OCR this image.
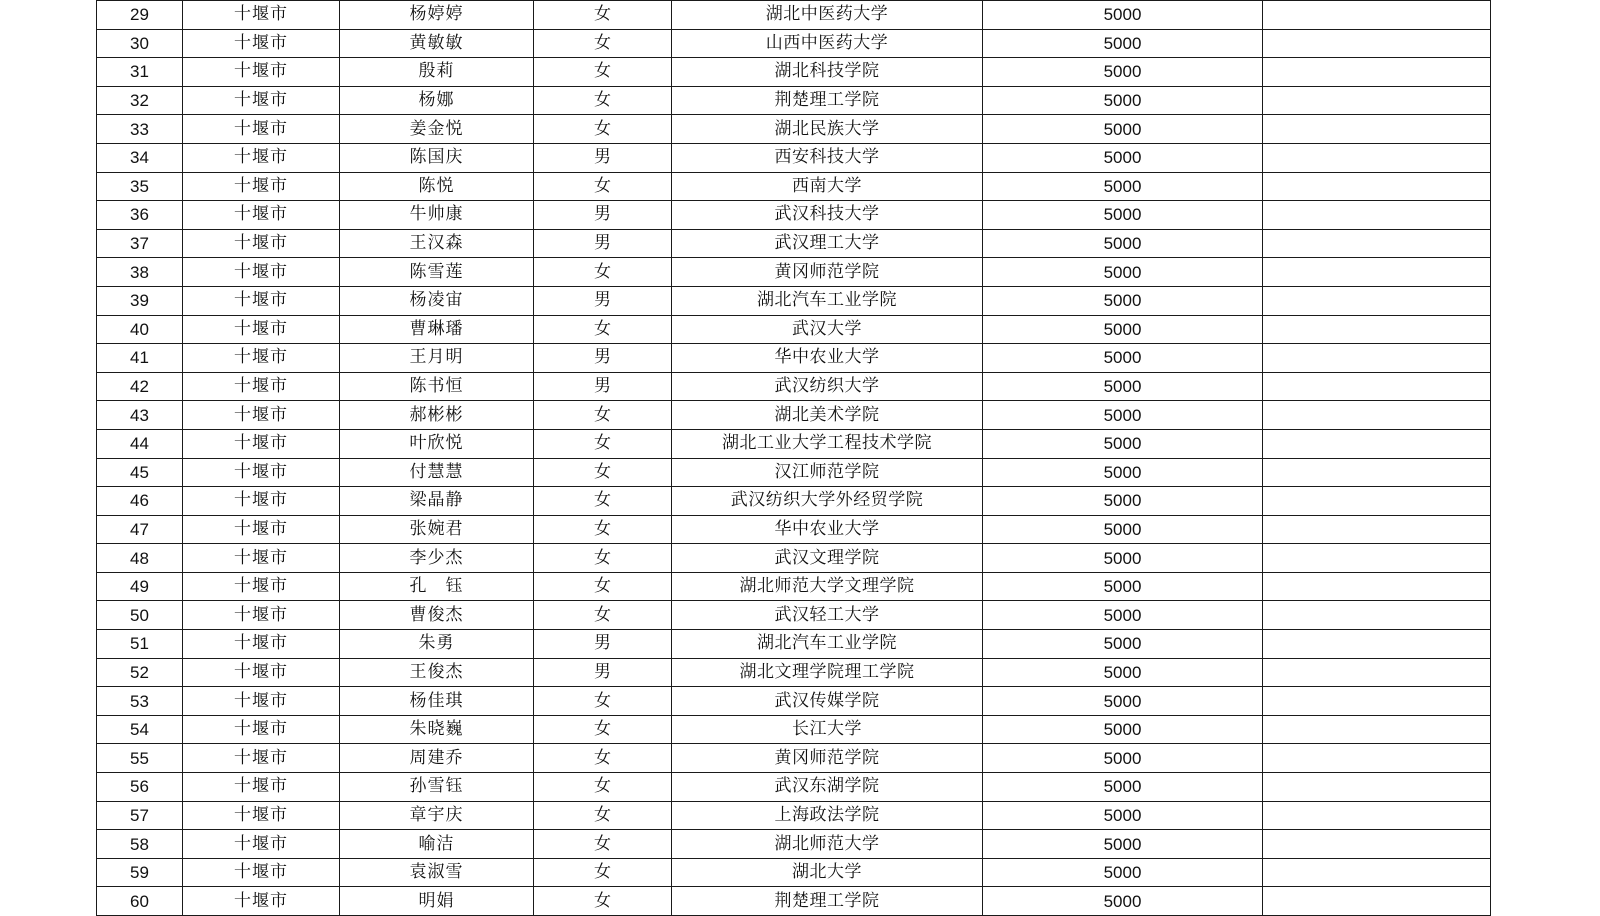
29	十堰市	杨婷婷	女	湖北中医药大学	5000	
30	十堰市	黄敏敏	女	山西中医药大学	5000	
31	十堰市	殷莉	女	湖北科技学院	5000	
32	十堰市	杨娜	女	荆楚理工学院	5000	
33	十堰市	姜金悦	女	湖北民族大学	5000	
34	十堰市	陈国庆	男	西安科技大学	5000	
35	十堰市	陈悦	女	西南大学	5000	
36	十堰市	牛帅康	男	武汉科技大学	5000	
37	十堰市	王汉森	男	武汉理工大学	5000	
38	十堰市	陈雪莲	女	黄冈师范学院	5000	
39	十堰市	杨凌宙	男	湖北汽车工业学院	5000	
40	十堰市	曹琳璠	女	武汉大学	5000	
41	十堰市	王月明	男	华中农业大学	5000	
42	十堰市	陈书恒	男	武汉纺织大学	5000	
43	十堰市	郝彬彬	女	湖北美术学院	5000	
44	十堰市	叶欣悦	女	湖北工业大学工程技术学院	5000	
45	十堰市	付慧慧	女	汉江师范学院	5000	
46	十堰市	梁晶静	女	武汉纺织大学外经贸学院	5000	
47	十堰市	张婉君	女	华中农业大学	5000	
48	十堰市	李少杰	女	武汉文理学院	5000	
49	十堰市	孔　钰	女	湖北师范大学文理学院	5000	
50	十堰市	曹俊杰	女	武汉轻工大学	5000	
51	十堰市	朱勇	男	湖北汽车工业学院	5000	
52	十堰市	王俊杰	男	湖北文理学院理工学院	5000	
53	十堰市	杨佳琪	女	武汉传媒学院	5000	
54	十堰市	朱晓巍	女	长江大学	5000	
55	十堰市	周建乔	女	黄冈师范学院	5000	
56	十堰市	孙雪钰	女	武汉东湖学院	5000	
57	十堰市	章宇庆	女	上海政法学院	5000	
58	十堰市	喻洁	女	湖北师范大学	5000	
59	十堰市	袁淑雪	女	湖北大学	5000	
60	十堰市	明娟	女	荆楚理工学院	5000	
